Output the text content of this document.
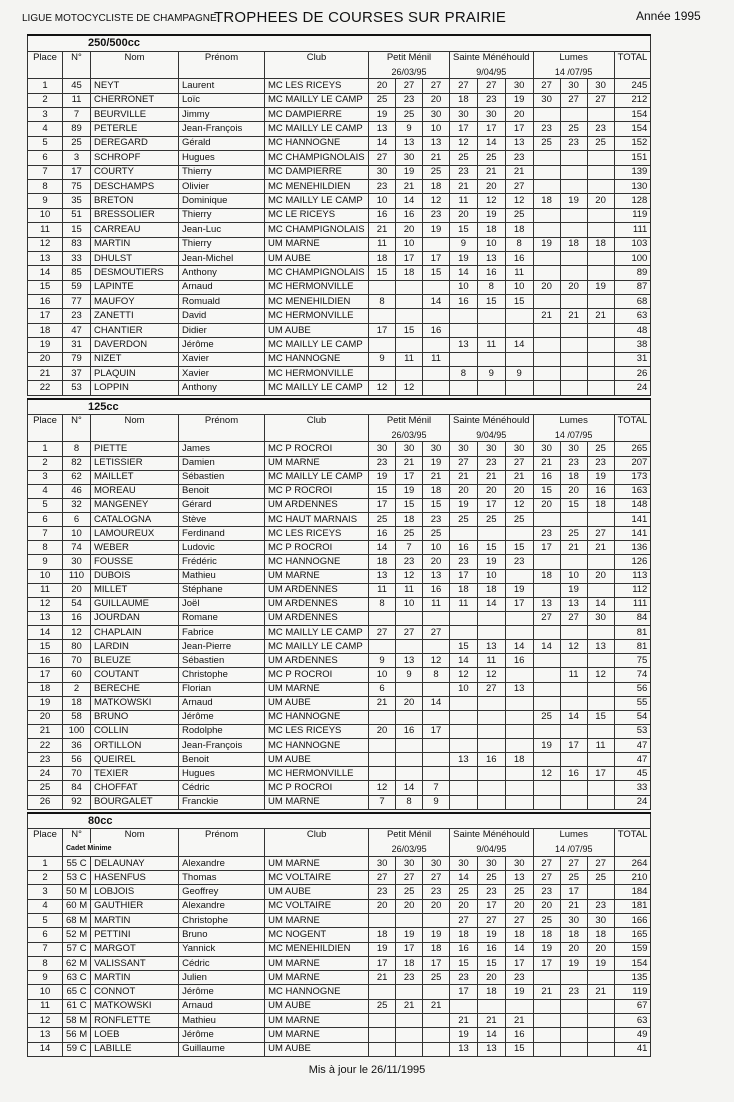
LIGUE MOTOCYCLISTE DE CHAMPAGNE
TROPHEES DE COURSES SUR PRAIRIE	Année 1995
250/500cc														
Place	N°	Nom	Prénom	Club	Petit Ménil			Sainte Ménéhould			Lumes			TOTAL
					26/03/95			9/04/95			14 /07/95			
1	45	NEYT	Laurent	MC LES RICEYS	20	27	27	27	27	30	27	30	30	245
2	11	CHERRONET	Loïc	MC MAILLY LE CAMP	25	23	20	18	23	19	30	27	27	212
3	7	BEURVILLE	Jimmy	MC DAMPIERRE	19	25	30	30	30	20				154
4	89	PETERLE	Jean-François	MC MAILLY LE CAMP	13	9	10	17	17	17	23	25	23	154
5	25	DEREGARD	Gérald	MC HANNOGNE	14	13	13	12	14	13	25	23	25	152
6	3	SCHROPF	Hugues	MC CHAMPIGNOLAIS	27	30	21	25	25	23				151
7	17	COURTY	Thierry	MC DAMPIERRE	30	19	25	23	21	21				139
8	75	DESCHAMPS	Olivier	MC MENEHILDIEN	23	21	18	21	20	27				130
9	35	BRETON	Dominique	MC MAILLY LE CAMP	10	14	12	11	12	12	18	19	20	128
10	51	BRESSOLIER	Thierry	MC LE RICEYS	16	16	23	20	19	25				119
11	15	CARREAU	Jean-Luc	MC CHAMPIGNOLAIS	21	20	19	15	18	18				111
12	83	MARTIN	Thierry	UM MARNE	11	10		9	10	8	19	18	18	103
13	33	DHULST	Jean-Michel	UM AUBE	18	17	17	19	13	16				100
14	85	DESMOUTIERS	Anthony	MC CHAMPIGNOLAIS	15	18	15	14	16	11				89
15	59	LAPINTE	Arnaud	MC HERMONVILLE				10	8	10	20	20	19	87
16	77	MAUFOY	Romuald	MC MENEHILDIEN	8		14	16	15	15				68
17	23	ZANETTI	David	MC HERMONVILLE							21	21	21	63
18	47	CHANTIER	Didier	UM AUBE	17	15	16							48
19	31	DAVERDON	Jérôme	MC MAILLY LE CAMP				13	11	14				38
20	79	NIZET	Xavier	MC HANNOGNE	9	11	11							31
21	37	PLAQUIN	Xavier	MC HERMONVILLE				8	9	9				26
22	53	LOPPIN	Anthony	MC MAILLY LE CAMP	12	12								24
125cc														
Place	N°	Nom	Prénom	Club	Petit Ménil			Sainte Ménéhould			Lumes			TOTAL
					26/03/95			9/04/95			14 /07/95			
1	8	PIETTE	James	MC P ROCROI	30	30	30	30	30	30	30	30	25	265
2	82	LETISSIER	Damien	UM MARNE	23	21	19	27	23	27	21	23	23	207
3	62	MAILLET	Sébastien	MC MAILLY LE CAMP	19	17	21	21	21	21	16	18	19	173
4	46	MOREAU	Benoit	MC P ROCROI	15	19	18	20	20	20	15	20	16	163
5	32	MANGENEY	Gérard	UM ARDENNES	17	15	15	19	17	12	20	15	18	148
6	6	CATALOGNA	Stève	MC HAUT MARNAIS	25	18	23	25	25	25				141
7	10	LAMOUREUX	Ferdinand	MC LES RICEYS	16	25	25				23	25	27	141
8	74	WEBER	Ludovic	MC P ROCROI	14	7	10	16	15	15	17	21	21	136
9	30	FOUSSE	Frédéric	MC HANNOGNE	18	23	20	23	19	23				126
10	110	DUBOIS	Mathieu	UM MARNE	13	12	13	17	10		18	10	20	113
11	20	MILLET	Stéphane	UM ARDENNES	11	11	16	18	18	19		19		112
12	54	GUILLAUME	Joël	UM ARDENNES	8	10	11	11	14	17	13	13	14	111
13	16	JOURDAN	Romane	UM ARDENNES							27	27	30	84
14	12	CHAPLAIN	Fabrice	MC MAILLY LE CAMP	27	27	27							81
15	80	LARDIN	Jean-Pierre	MC MAILLY LE CAMP				15	13	14	14	12	13	81
16	70	BLEUZE	Sébastien	UM ARDENNES	9	13	12	14	11	16				75
17	60	COUTANT	Christophe	MC P ROCROI	10	9	8	12	12			11	12	74
18	2	BERECHE	Florian	UM MARNE	6			10	27	13				56
19	18	MATKOWSKI	Arnaud	UM AUBE	21	20	14							55
20	58	BRUNO	Jérôme	MC HANNOGNE							25	14	15	54
21	100	COLLIN	Rodolphe	MC LES RICEYS	20	16	17							53
22	36	ORTILLON	Jean-François	MC HANNOGNE							19	17	11	47
23	56	QUEIREL	Benoit	UM AUBE				13	16	18				47
24	70	TEXIER	Hugues	MC HERMONVILLE							12	16	17	45
25	84	CHOFFAT	Cédric	MC P ROCROI	12	14	7							33
26	92	BOURGALET	Franckie	UM MARNE	7	8	9							24
80cc														
Place	N°	Nom	Prénom	Club	Petit Ménil			Sainte Ménéhould			Lumes			TOTAL
	Cadet Minime				26/03/95			9/04/95			14 /07/95			
1	55 C	DELAUNAY	Alexandre	UM MARNE	30	30	30	30	30	30	27	27	27	264
2	53 C	HASENFUS	Thomas	MC VOLTAIRE	27	27	27	14	25	13	27	25	25	210
3	50 M	LOBJOIS	Geoffrey	UM AUBE	23	25	23	25	23	25	23	17		184
4	60 M	GAUTHIER	Alexandre	MC VOLTAIRE	20	20	20	20	17	20	20	21	23	181
5	68 M	MARTIN	Christophe	UM MARNE				27	27	27	25	30	30	166
6	52 M	PETTINI	Bruno	MC NOGENT	18	19	19	18	19	18	18	18	18	165
7	57 C	MARGOT	Yannick	MC MENEHILDIEN	19	17	18	16	16	14	19	20	20	159
8	62 M	VALISSANT	Cédric	UM MARNE	17	18	17	15	15	17	17	19	19	154
9	63 C	MARTIN	Julien	UM MARNE	21	23	25	23	20	23				135
10	65 C	CONNOT	Jérôme	MC HANNOGNE				17	18	19	21	23	21	119
11	61 C	MATKOWSKI	Arnaud	UM AUBE	25	21	21							67
12	58 M	RONFLETTE	Mathieu	UM MARNE				21	21	21				63
13	56 M	LOEB	Jérôme	UM MARNE				19	14	16				49
14	59 C	LABILLE	Guillaume	UM AUBE				13	13	15				41
Mis à jour le 26/11/1995
